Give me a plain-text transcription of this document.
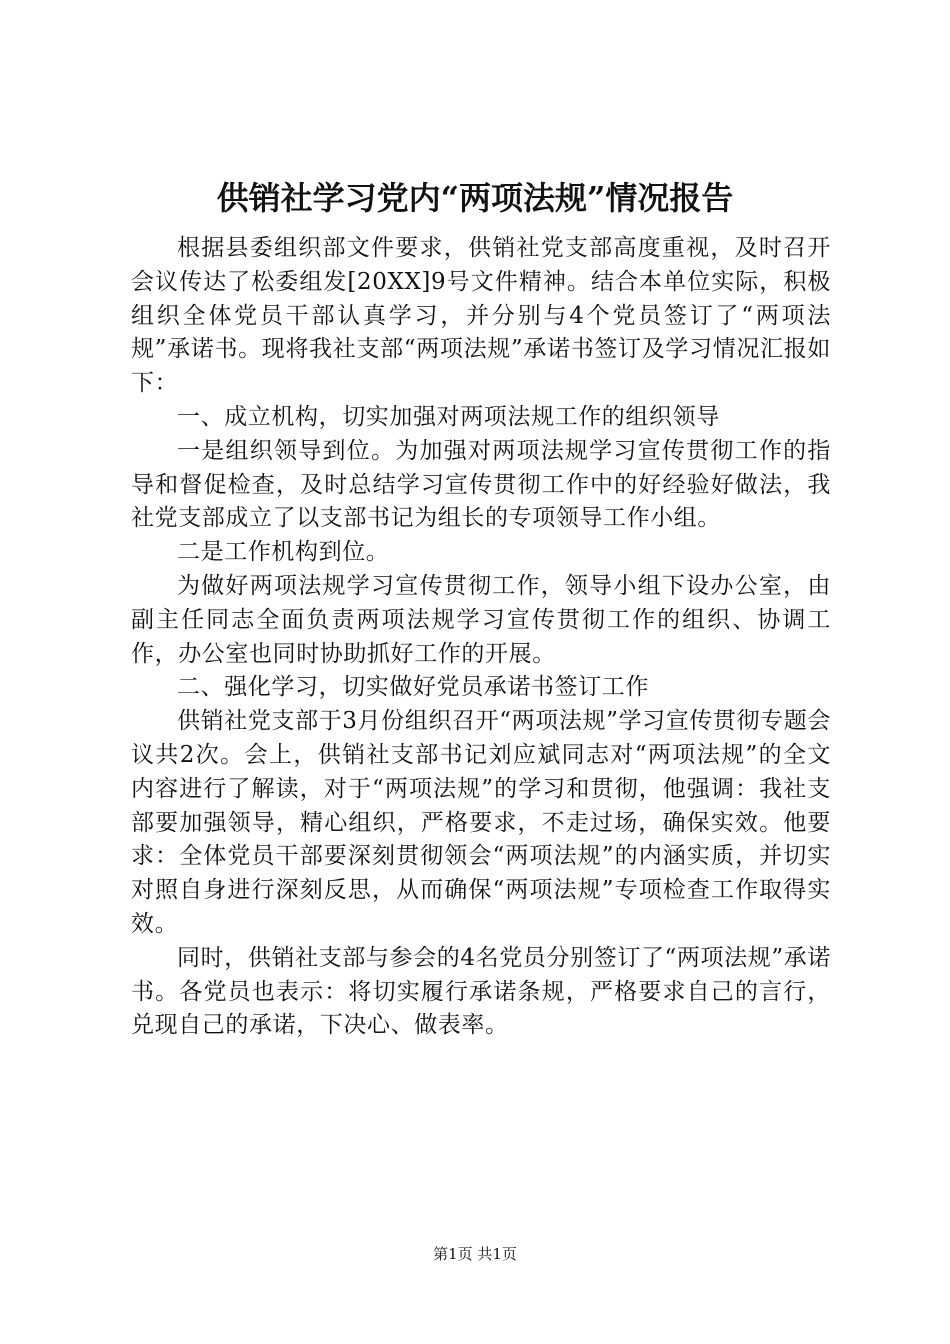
供销社学习党内“两项法规”情况报告

根据县委组织部文件要求，供销社党支部高度重视，及时召开会议传达了松委组发[20XX]9号文件精神。结合本单位实际，积极组织全体党员干部认真学习，并分别与4个党员签订了“两项法规”承诺书。现将我社支部“两项法规”承诺书签订及学习情况汇报如下：

一、成立机构，切实加强对两项法规工作的组织领导

一是组织领导到位。为加强对两项法规学习宣传贯彻工作的指导和督促检查，及时总结学习宣传贯彻工作中的好经验好做法，我社党支部成立了以支部书记为组长的专项领导工作小组。

二是工作机构到位。

为做好两项法规学习宣传贯彻工作，领导小组下设办公室，由副主任同志全面负责两项法规学习宣传贯彻工作的组织、协调工作，办公室也同时协助抓好工作的开展。

二、强化学习，切实做好党员承诺书签订工作

供销社党支部于3月份组织召开“两项法规”学习宣传贯彻专题会议共2次。会上，供销社支部书记刘应斌同志对“两项法规”的全文内容进行了解读，对于“两项法规”的学习和贯彻，他强调：我社支部要加强领导，精心组织，严格要求，不走过场，确保实效。他要求：全体党员干部要深刻贯彻领会“两项法规”的内涵实质，并切实对照自身进行深刻反思，从而确保“两项法规”专项检查工作取得实效。

同时，供销社支部与参会的4名党员分别签订了“两项法规”承诺书。各党员也表示：将切实履行承诺条规，严格要求自己的言行，兑现自己的承诺，下决心、做表率。

第1页 共1页
